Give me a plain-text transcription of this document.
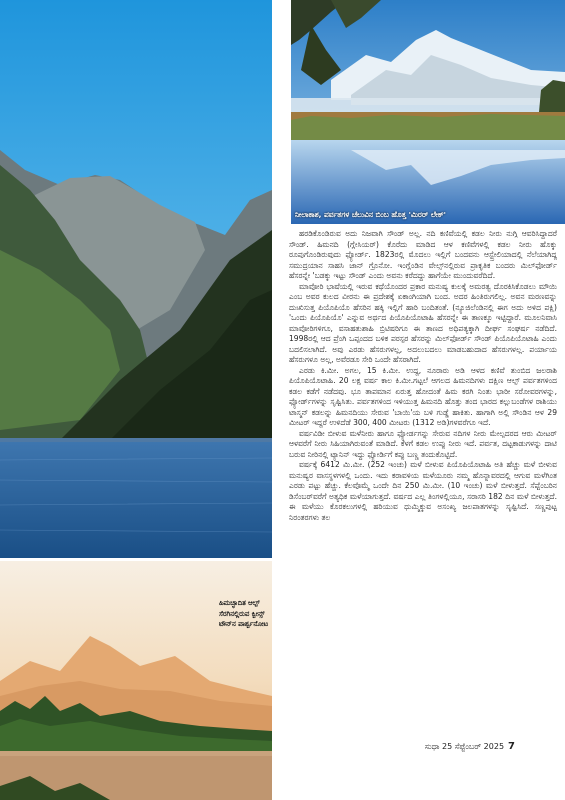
ನೀಲಾಕಾಶ, ಪರ್ವತಗಳ ಚೆಲುವಿನ ಬಿಂಬ ಹೊತ್ತ 'ಮಿರರ್ ಲೇಕ್'
ಹಿಮಚ್ಛಾದಿತ ಆಲ್ಪ್ ಸೆರಗಿನಲ್ಲಿರುವ ಕ್ವೀನ್ಸ್ ಟೌನ್‌ನ ಪಾರ್ಶ್ವನೋಟ

ಹರಡಿಕೊಂಡಿರುವ ಅದು ನಿಜವಾಗಿ ಸೌಂಡ್ ಅಲ್ಲ. ನದಿ ಕಣಿವೆಯಲ್ಲಿ ಕಡಲ ನೀರು ನುಗ್ಗಿ ಆವರಿಸಿದ್ದಾದರೆ ಸೌಂಡ್. ಹಿಮನದಿ (ಗ್ಲೇಸಿಯರ್) ಕೊರೆದು ಮಾಡಿದ ಆಳ ಕಣಿವೆಗಳಲ್ಲಿ ಕಡಲ ನೀರು ಹೊಕ್ಕು ರೂಪುಗೊಂಡಿರುವುದು ಫ್ಯೋರ್ಡ್. 1823ರಲ್ಲಿ ಮೊದಲು ಇಲ್ಲಿಗೆ ಬಂದವನು ಆಸ್ಟ್ರೇಲಿಯಾದಲ್ಲಿ ನೆಲೆಯಾಗಿದ್ದ ಸಮುದ್ರಯಾನ ಸಾಹಸಿ ಜಾನ್ ಗ್ರೊನೋ. ಇಂಗ್ಲೆಂಡಿನ ವೇಲ್ಸ್‌ನಲ್ಲಿರುವ ಪ್ರಾಕೃತಿಕ ಬಂದರು ಮಿಲ್‌ಫೋರ್ಡ್ ಹೆಸರನ್ನೇ 'ಬಡಕ್ಕು ಇಟ್ಟು ಸೌಂಡ್ ಎಂದು ಅವನು ಕರೆದದ್ದು ಹಾಗೆಯೇ ಮುಂದುವರೆದಿದೆ.

ಮಾವೋರಿ ಭಾಷೆಯಲ್ಲಿ ಇರುವ ಕಥೆಯೊಂದರ ಪ್ರಕಾರ ಮನುಷ್ಯ ಕುಲಕ್ಕೆ ಅಮರತ್ವ ದೊರಕಿಸಿಕೊಡಲು ಮೌಯಿ ಎಂಬ ಅವರ ಕುಲದ ವೀರನು ಈ ಪ್ರದೇಶಕ್ಕೆ ಏಕಾಂಗಿಯಾಗಿ ಬಂದ. ಅದರ ಹಿಂತಿರುಗಲಿಲ್ಲ. ಅವನ ಮರಣವನ್ನು ದುಃಖಿಸುತ್ತ ಪಿಯೊಪಿಯೊ ಹೆಸರಿನ ಹಕ್ಕಿ ಇಲ್ಲಿಗೆ ಹಾರಿ ಬಂದಿತಂತೆ. (ನ್ಯೂಜಿಲೆಂಡಿನಲ್ಲಿ ಈಗ ಅದು ಅಳಿದ ಪಕ್ಷಿ) 'ಒಂದು ಪಿಯೊಪಿಯೊ' ಎನ್ನುವ ಅರ್ಥದ ಪಿಯೊಪಿಯೊಟಾಹಿ ಹೆಸರನ್ನೇ ಈ ತಾಣಕ್ಕೂ ಇಟ್ಟಿದ್ದಾರೆ. ಮೂಲನಿವಾಸಿ ಮಾವೋರಿಗಳಿಗೂ, ವಸಾಹತುಶಾಹಿ ಬ್ರಿಟಿಷರಿಗೂ ಈ ತಾಣದ ಅಧಿಪತ್ಯಕ್ಕಾಗಿ ದೀರ್ಘ ಸಂಘರ್ಷ ನಡೆದಿದೆ. 1998ರಲ್ಲಿ ಆದ ಪ್ರೆಂಗಿ ಒಪ್ಪಂದದ ಬಳಿಕ ಪರಸ್ಪರ ಹೆಸರನ್ನು ಮಿಲ್‌ಫೋರ್ಡ್ ಸೌಂಡ್ ಪಿಯೊಪಿಯೊಟಾಹಿ ಎಂದು ಬದಲಿಸಲಾಗಿದೆ. ಅವು ಎರಡು ಹೆಸರುಗಳಲ್ಲ, ಅದಲುಬದಲು ಮಾಡಬಹುದಾದ ಹೆಸರುಗಳಲ್ಲ. ಪರ್ಯಾಯ ಹೆಸರುಗಳೂ ಅಲ್ಲ, ಅವೆರಡೂ ಸೇರಿ ಒಂದೇ ಹೆಸರಾಗಿದೆ.

ಎರಡು ಕಿ.ಮೀ. ಅಗಲ, 15 ಕಿ.ಮೀ. ಉದ್ದ, ನೂರಾರು ಅಡಿ ಆಳದ ಕಣಿವೆ ತುಂಬಿದ ಜಲರಾಶಿ ಪಿಯೊಪಿಯೊಟಾಹಿ. 20 ಲಕ್ಷ ವರ್ಷ ಕಾಲ ಕಿ.ಮೀ.ಗಟ್ಟಲೆ ಆಗಲದ ಹಿಮನದಿಗಳು ದಕ್ಷಿಣ ಆಲ್ಪ್ ಪರ್ವತಗಳಿಂದ ಕಡಲ ಕಡೆಗೆ ನಡೆದವು. ಭೂ ತಾಪಮಾನ ಏರುತ್ತ ಹೋದಂತೆ ಹಿಮ ಕರಗಿ ನಿಂತು ಭಾರೀ ಸರೋವರಗಳನ್ನು, ಫ್ಯೋರ್ಡ್‌ಗಳನ್ನು ಸೃಷ್ಟಿಸಿತು. ಪರ್ವತಗಳಿಂದ ಇಳಿಯುತ್ತ ಹಿಮನದಿ ಹೊತ್ತು ತಂದ ಭಾರದ ಕಲ್ಲುಬಂಡೆಗಳ ರಾಶಿಯು ಟಾಸ್ಮನ್ ಕಡಲನ್ನು ಹಿಮನದಿಯು ಸೇರುವ 'ಬಾಯಿ'ಯ ಬಳಿ ಗುಡ್ಡೆ ಹಾಕಿತು. ಹಾಗಾಗಿ ಅಲ್ಲಿ ಸೌಂಡಿನ ಆಳ 29 ಮೀಟರ್ ಇದ್ದರೆ ಉಳಿದೆಡೆ 300, 400 ಮೀಟರು (1312 ಅಡಿ)ಗಳವರೆಗೂ ಇದೆ.

ವರ್ಷವಿಡೀ ಬೀಳುವ ಮಳೆನೀರು ಹಾಗೂ ಫ್ಯೋರ್ಡಗನ್ನು ಸೇರುವ ನದಿಗಳ ನೀರು ಮೇಲ್ಪದರದ ಆರು ಮೀಟರ್ ಆಳವರೆಗೆ ನೀರು ಸಿಹಿಯಾಗಿರುವಂತೆ ಮಾಡಿದೆ. ಕೆಳಗೆ ಕಡಲ ಉಪ್ಪು ನೀರು ಇದೆ. ಪರ್ವತ, ದಟ್ಟಕಾಡುಗಳನ್ನು ದಾಟಿ ಬರುವ ನೀರಿನಲ್ಲಿ ಟ್ಯಾನಿನ್ ಇದ್ದು ಫ್ಯೋರ್ಡಿಗೆ ಕಪ್ಪು ಬಣ್ಣ ತಂದುಕೊಟ್ಟಿದೆ.

ವರ್ಷಕ್ಕೆ 6412 ಮಿ.ಮೀ. (252 ಇಂಚು) ಮಳೆ ಬೀಳುವ ಪಿಯೊಪಿಯೊಟಾಹಿ ಅತಿ ಹೆಚ್ಚು ಮಳೆ ಬೀಳುವ ಮನುಷ್ಯರ ವಾಸಸ್ಥಳಗಳಲ್ಲಿ ಒಂದು. ಇದು ಕರಾವಳಿಯ ಮಳೆಯೂರು ನಮ್ಮ ಹೊನ್ನಾವರದಲ್ಲಿ ಆಗುವ ಮಳೆಗಿಂತ ಎರಡು ಪಟ್ಟು ಹೆಚ್ಚು. ಕೆಲವೊಮ್ಮೆ ಒಂದೇ ದಿನ 250 ಮಿ.ಮೀ. (10 ಇಂಚು) ಮಳೆ ಬೀಳುತ್ತದೆ. ಸೆಪ್ಟೆಂಬರಿನ ಡಿಸೆಂಬರ್‌ವರೆಗೆ ಅತ್ಯಧಿಕ ಮಳೆಯಾಗುತ್ತದೆ. ವರ್ಷದ ಎಲ್ಲ ತಿಂಗಳಲ್ಲಿಯೂ, ಸರಾಸರಿ 182 ದಿನ ಮಳೆ ಬೀಳುತ್ತದೆ. ಈ ಮಳೆಯು ಕೊರಕಲುಗಳಲ್ಲಿ ಹರಿಯುವ ಧುಮ್ಮಿಕ್ಕುವ ಅಸಂಖ್ಯ ಜಲಪಾತಗಳನ್ನು ಸೃಷ್ಟಿಸಿದೆ. ಸಣ್ಣಪುಟ್ಟ ನಿರಂತರಗಳು ತಲ

ಸುಧಾ 25 ಸೆಪ್ಟೆಂಬರ್ 2025 7
